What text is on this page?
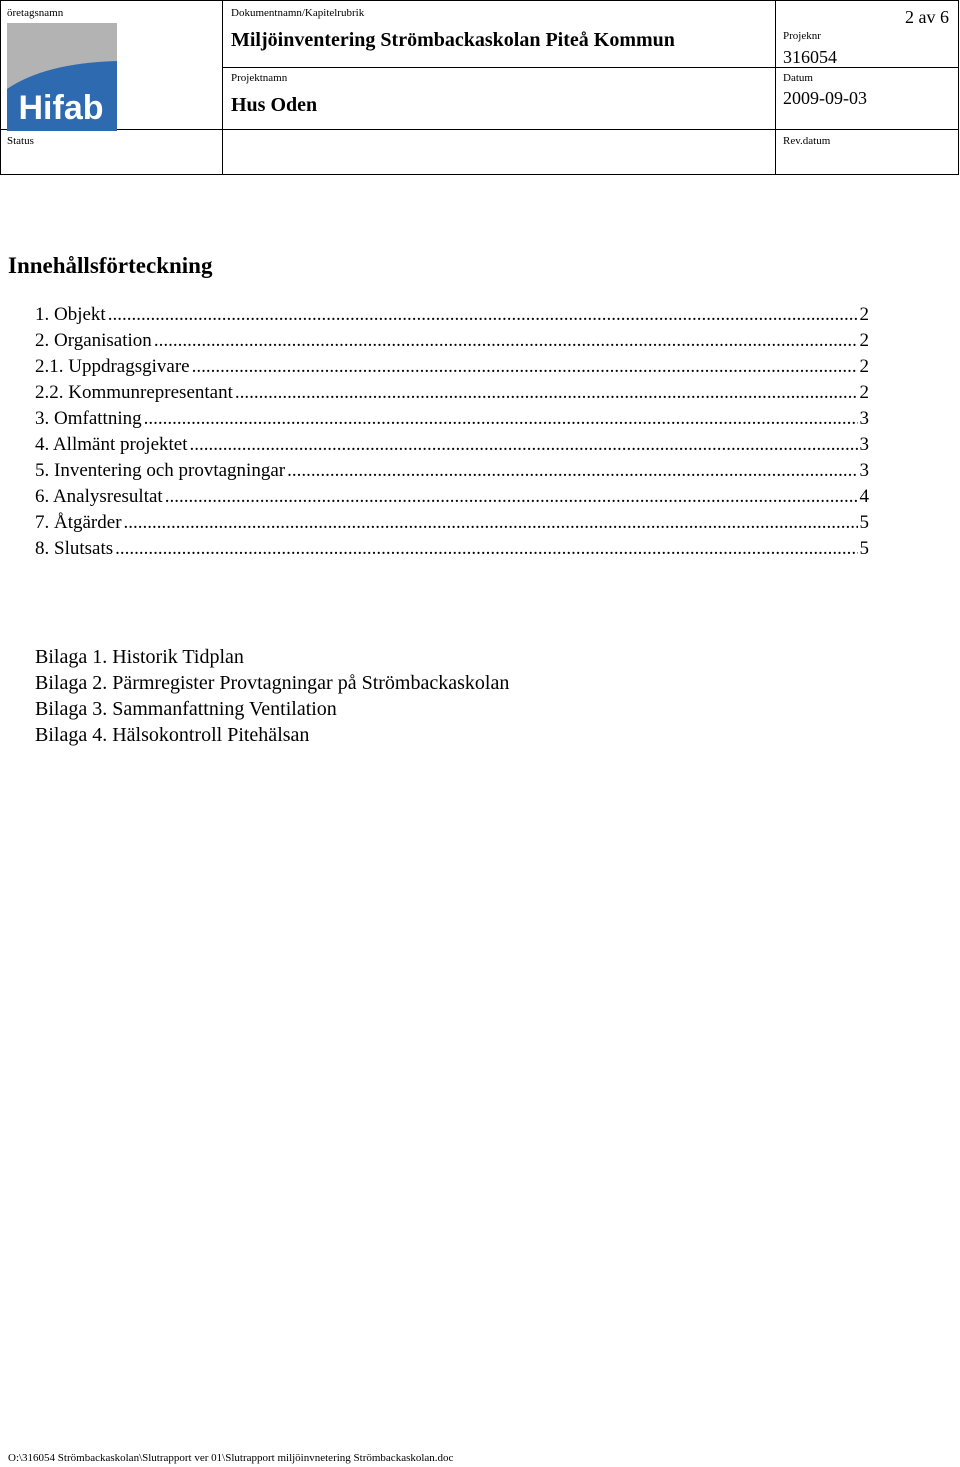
öretagsnamn
Hifab
Status
Dokumentnamn/Kapitelrubrik
Miljöinventering Strömbackaskolan Piteå Kommun
Projektnamn
Hus Oden
Projeknr
316054
2 av 6
Datum
2009-09-03
Rev.datum
Innehållsförteckning
1. Objekt .....	2
2. Organisation .....	2
2.1. Uppdragsgivare .....	2
2.2. Kommunrepresentant .....	2
3. Omfattning .....	3
4. Allmänt projektet .....	3
5. Inventering och provtagningar .....	3
6. Analysresultat .....	4
7. Åtgärder .....	5
8. Slutsats .....	5
Bilaga 1. Historik Tidplan
Bilaga 2. Pärmregister Provtagningar på Strömbackaskolan
Bilaga 3. Sammanfattning Ventilation
Bilaga 4. Hälsokontroll Pitehälsan
O:\316054 Strömbackaskolan\Slutrapport ver 01\Slutrapport miljöinvnetering Strömbackaskolan.doc
